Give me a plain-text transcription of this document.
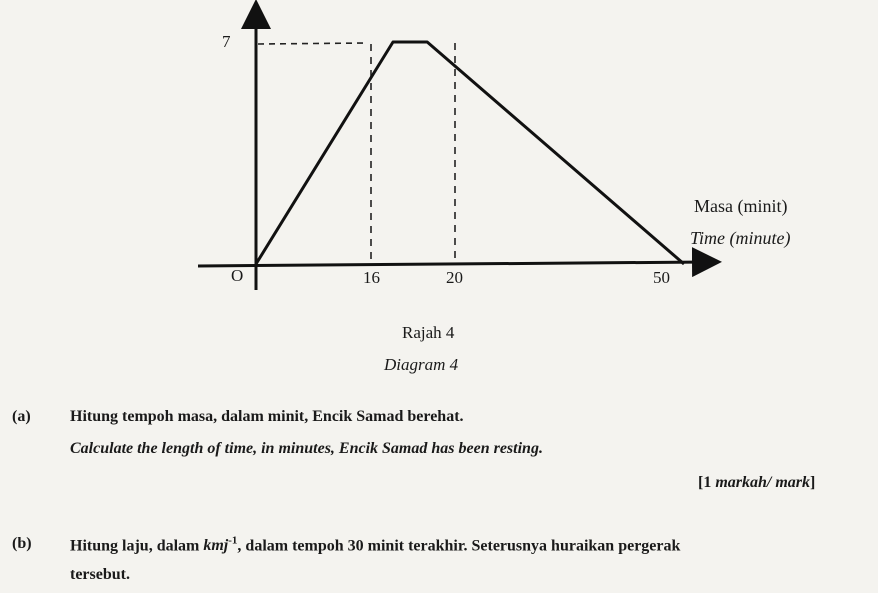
7
O	16	20	50
Masa (minit)
Time (minute)
Rajah 4
Diagram 4
(a) Hitung tempoh masa, dalam minit, Encik Samad berehat.
Calculate the length of time, in minutes, Encik Samad has been resting.
[1 markah/ mark]
(b) Hitung laju, dalam kmj$^{-1}$, dalam tempoh 30 minit terakhir. Seterusnya huraikan pergerak
tersebut.
